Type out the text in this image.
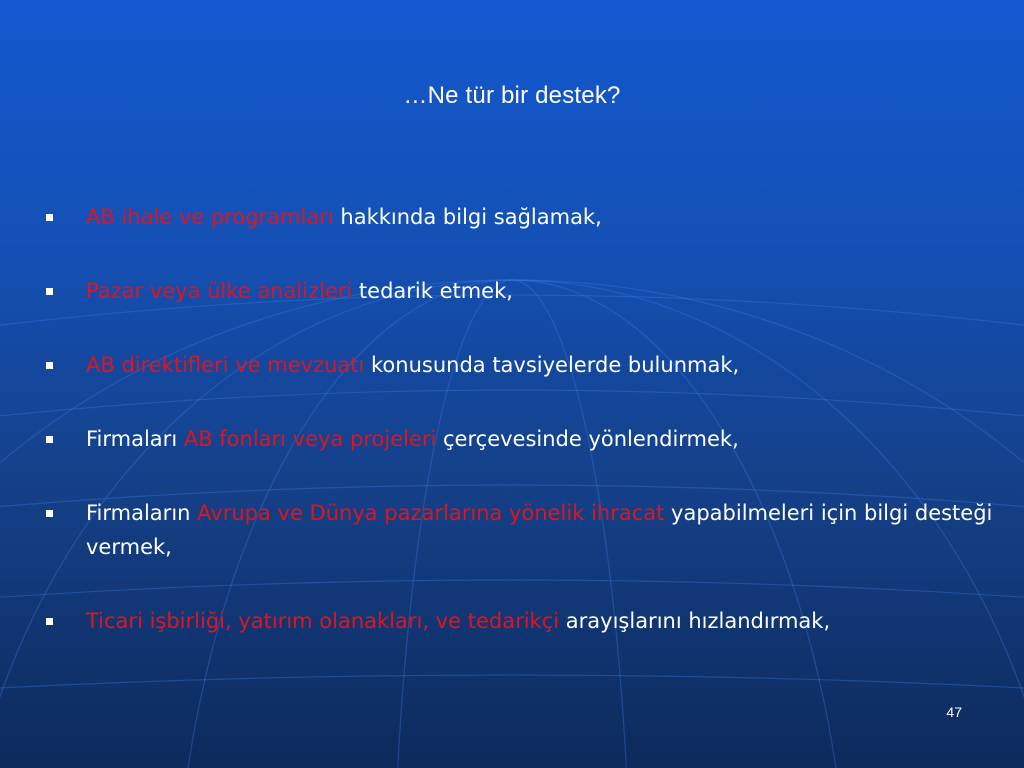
…Ne tür bir destek?
AB ihale ve programları hakkında bilgi sağlamak,
Pazar veya ülke analizleri tedarik etmek,
AB direktifleri ve mevzuatı konusunda tavsiyelerde bulunmak,
Firmaları AB fonları veya projeleri çerçevesinde yönlendirmek,
Firmaların Avrupa ve Dünya pazarlarına yönelik ihracat yapabilmeleri için bilgi desteği vermek,
Ticari işbirliği, yatırım olanakları, ve tedarikçi arayışlarını hızlandırmak,
47
